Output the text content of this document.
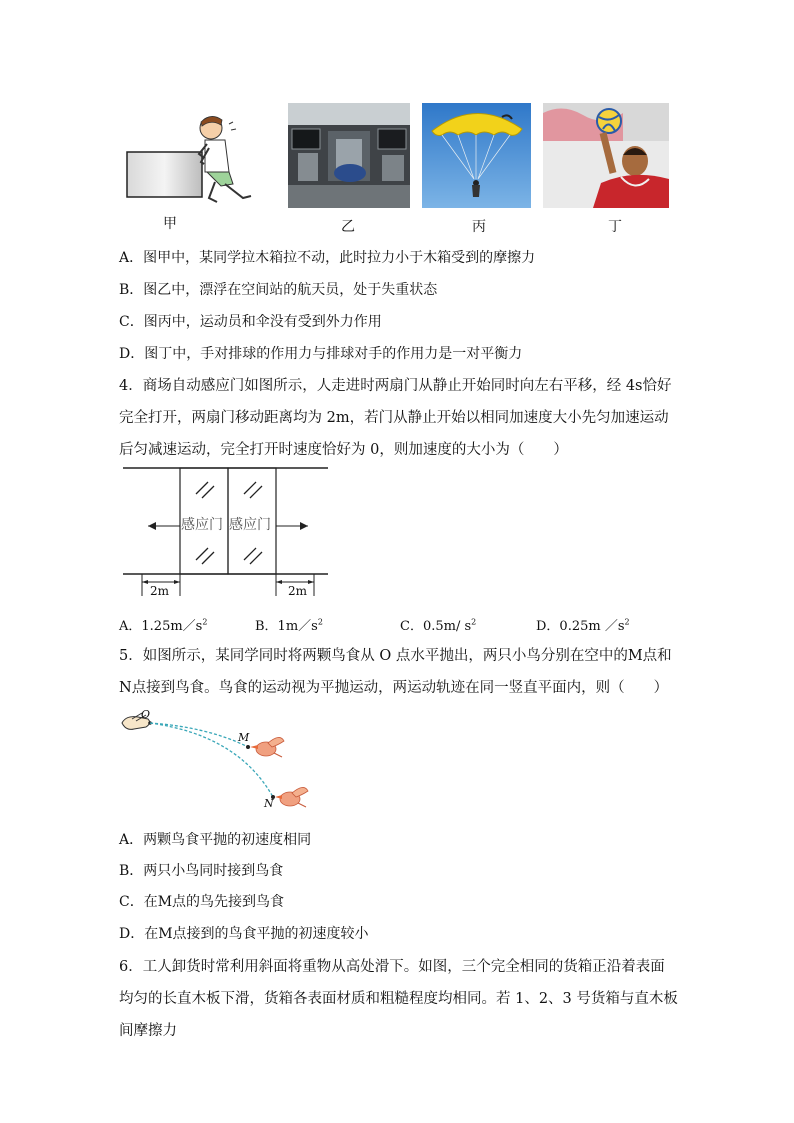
甲	乙	丙	丁
A．图甲中，某同学拉木箱拉不动，此时拉力小于木箱受到的摩擦力
B．图乙中，漂浮在空间站的航天员，处于失重状态
C．图丙中，运动员和伞没有受到外力作用
D．图丁中，手对排球的作用力与排球对手的作用力是一对平衡力
4．商场自动感应门如图所示，人走进时两扇门从静止开始同时向左右平移，经 4s恰好完全打开，两扇门移动距离均为 2m，若门从静止开始以相同加速度大小先匀加速运动后匀减速运动，完全打开时速度恰好为 0，则加速度的大小为（　　）
感应门 感应门
2m	2m
A．$1.25m/s^2$	B．$1m/s^2$	C．0.5m/ $s^2$	D．0.25m $/s^2$
5．如图所示，某同学同时将两颗鸟食从 O 点水平抛出，两只小鸟分别在空中的M点和N点接到鸟食。鸟食的运动视为平抛运动，两运动轨迹在同一竖直平面内，则（　　）
O
M
N
A．两颗鸟食平抛的初速度相同
B．两只小鸟同时接到鸟食
C．在M点的鸟先接到鸟食
D．在M点接到的鸟食平抛的初速度较小
6．工人卸货时常利用斜面将重物从高处滑下。如图，三个完全相同的货箱正沿着表面均匀的长直木板下滑，货箱各表面材质和粗糙程度均相同。若 1、2、3 号货箱与直木板间摩擦力
